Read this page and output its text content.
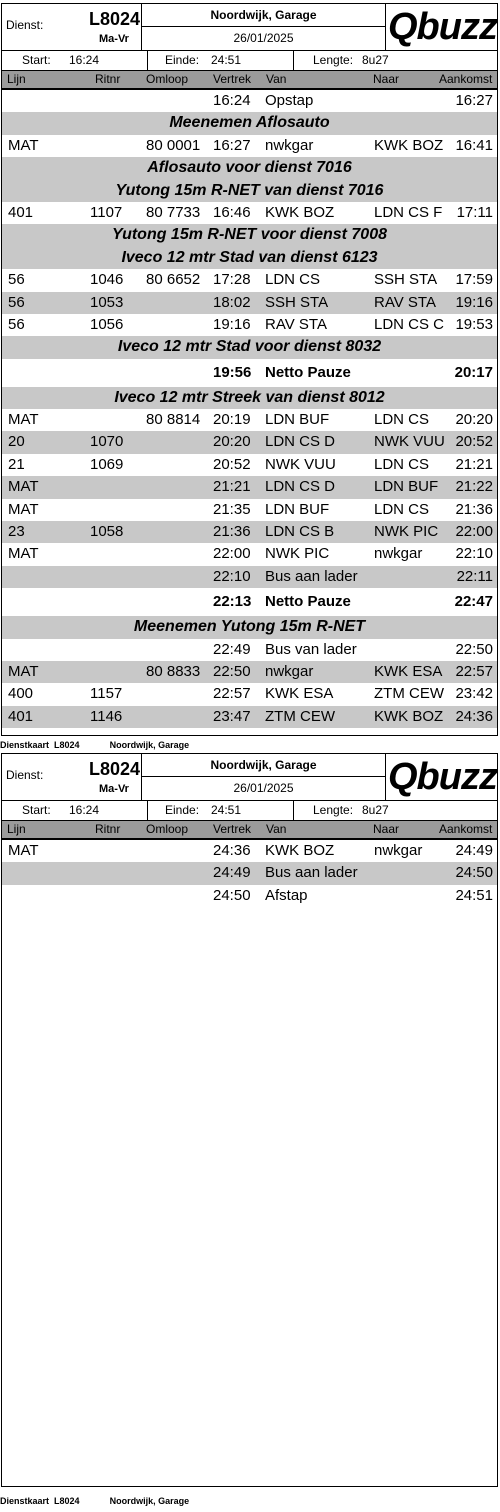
Dienst:	L8024
Ma-Vr
Noordwijk, Garage
26/01/2025	Qbuzz
Start: 16:24	Einde: 24:51	Lengte: 8u27
Lijn	Ritnr Omloop Vertrek Van	Naar	Aankomst
16:24 Opstap	16:27
Meenemen Aflosauto
MAT	80 0001 16:27 nwkgar	KWK BOZ 16:41
Aflosauto voor dienst 7016
Yutong 15m R-NET van dienst 7016
401	1107 80 7733 16:46 KWK BOZ	LDN CS F 17:11
Yutong 15m R-NET voor dienst 7008
Iveco 12 mtr Stad van dienst 6123
56	1046 80 6652 17:28 LDN CS	SSH STA 17:59
56	1053	18:02 SSH STA	RAV STA 19:16
56	1056	19:16 RAV STA	LDN CS C 19:53
Iveco 12 mtr Stad voor dienst 8032
19:56 Netto Pauze	20:17
Iveco 12 mtr Streek van dienst 8012
MAT	80 8814 20:19 LDN BUF	LDN CS 20:20
20	1070	20:20 LDN CS D	NWK VUU 20:52
21	1069	20:52 NWK VUU	LDN CS 21:21
MAT	21:21 LDN CS D	LDN BUF 21:22
MAT	21:35 LDN BUF	LDN CS 21:36
23	1058	21:36 LDN CS B	NWK PIC 22:00
MAT	22:00 NWK PIC	nwkgar 22:10
22:10 Bus aan lader	22:11
22:13 Netto Pauze	22:47
Meenemen Yutong 15m R-NET
22:49 Bus van lader	22:50
MAT	80 8833 22:50 nwkgar	KWK ESA 22:57
400	1157	22:57 KWK ESA	ZTM CEW 23:42
401	1146	23:47 ZTM CEW	KWK BOZ 24:36
Dienstkaart L8024	Noordwijk, Garage
Dienst:	L8024
Ma-Vr
Noordwijk, Garage
26/01/2025	Qbuzz
Start: 16:24	Einde: 24:51	Lengte: 8u27
Lijn	Ritnr Omloop Vertrek Van	Naar	Aankomst
MAT	24:36 KWK BOZ	nwkgar 24:49
24:49 Bus aan lader	24:50
24:50 Afstap	24:51
Dienstkaart L8024	Noordwijk, Garage
